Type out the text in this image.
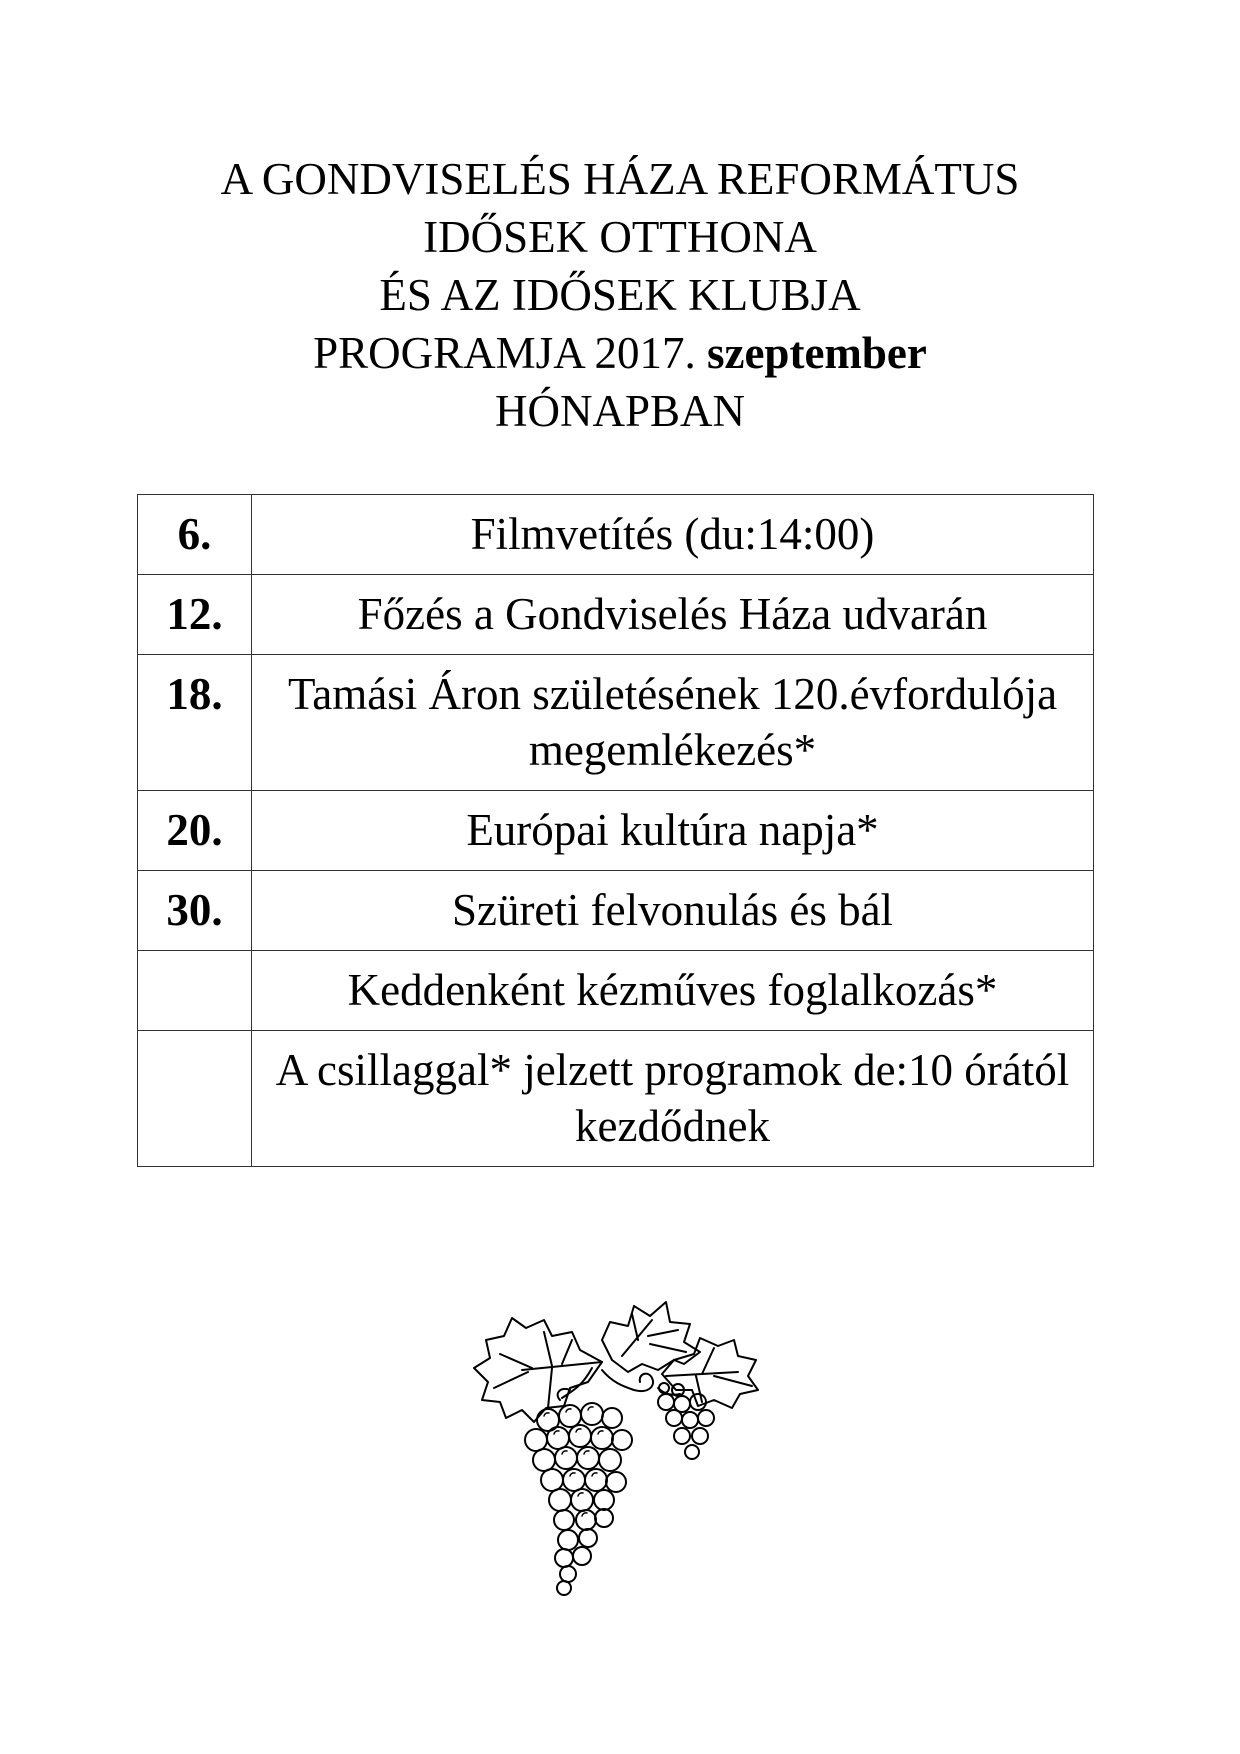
A GONDVISELÉS HÁZA REFORMÁTUS
IDŐSEK OTTHONA
ÉS AZ IDŐSEK KLUBJA
PROGRAMJA 2017. szeptember
HÓNAPBAN
6.	Filmvetítés (du:14:00)
12.	Főzés a Gondviselés Háza udvarán
18.	Tamási Áron születésének 120.évfordulója megemlékezés*
20.	Európai kultúra napja*
30.	Szüreti felvonulás és bál
	Keddenként kézműves foglalkozás*
	A csillaggal* jelzett programok de:10 órától kezdődnek
